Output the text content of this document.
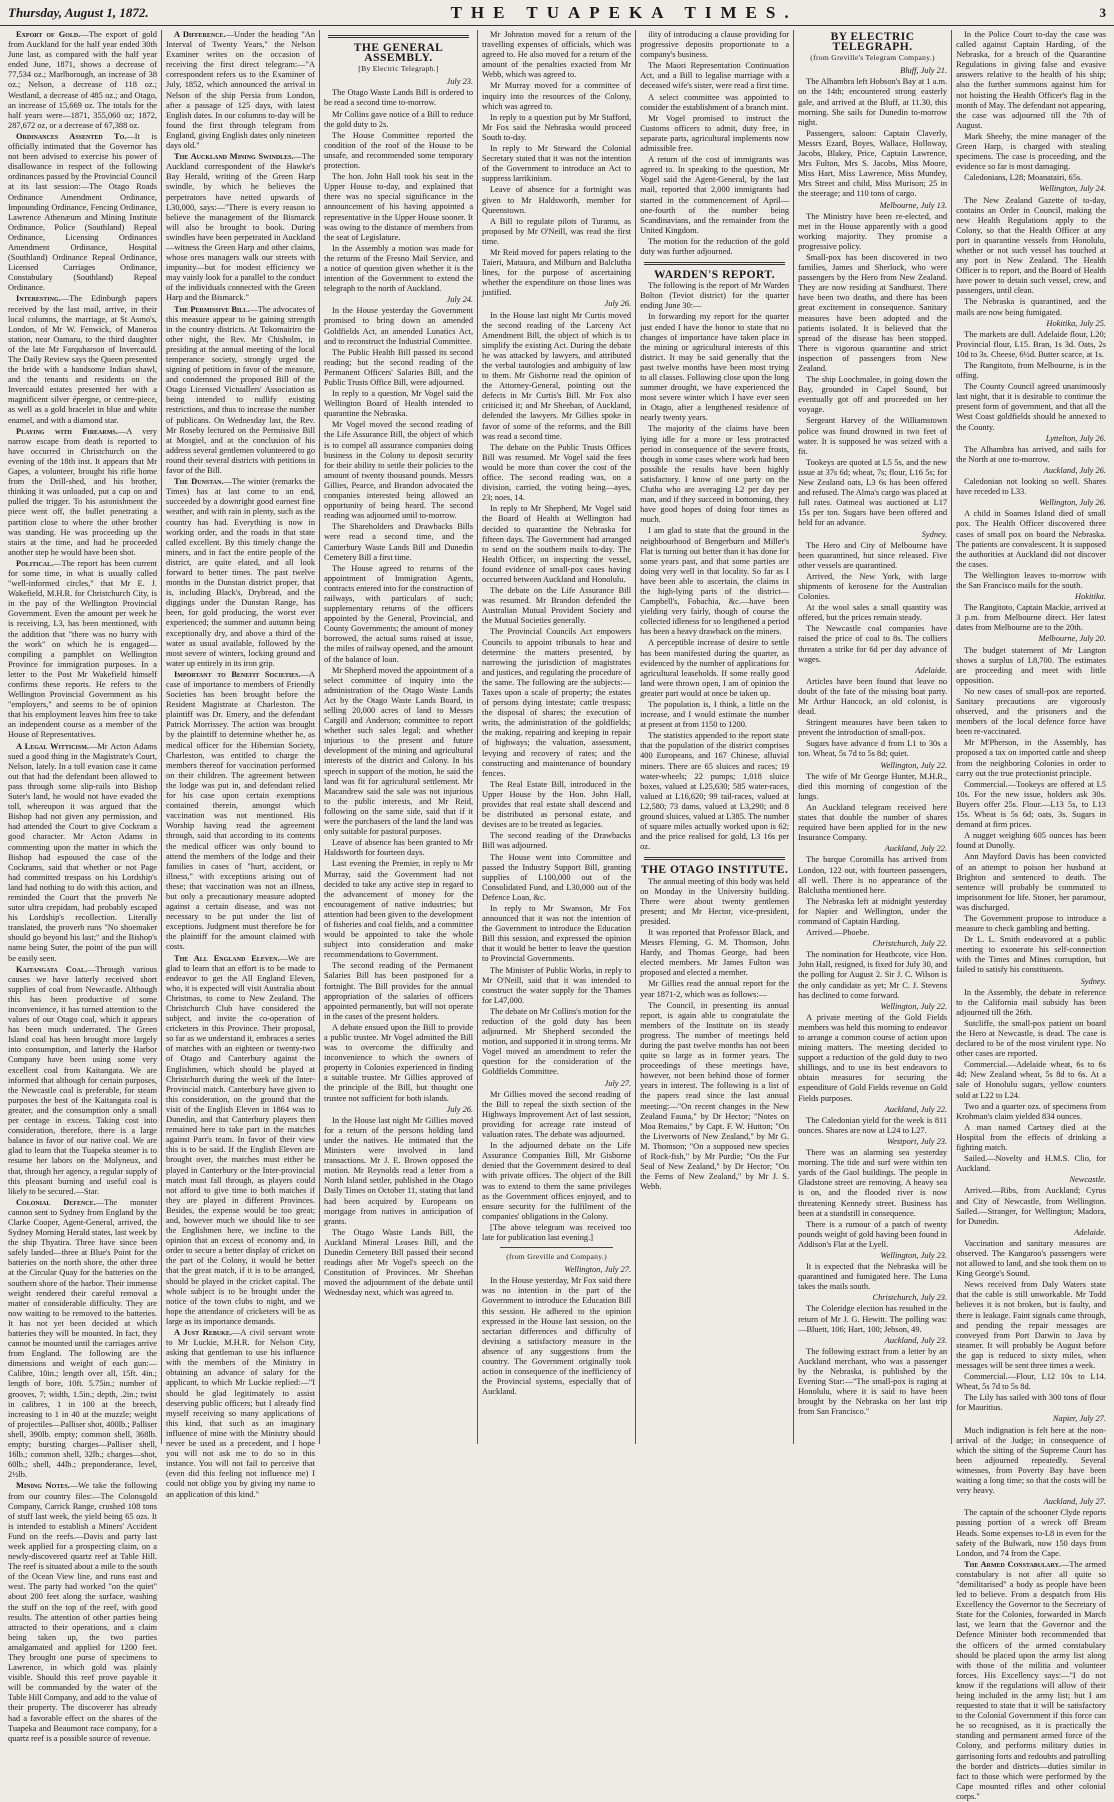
Thursday, August 1, 1872.	THE TUAPEKA TIMES.	3

Export of Gold.—The export of gold from Auckland for the half year ended 30th June last, as compared with the half year ended June, 1871, shows a decrease of 77,534 oz.; Marlborough, an increase of 38 oz.; Nelson, a decrease of 118 oz.; Westland, a decrease of 485 oz.; and Otago, an increase of 15,669 oz. The totals for the half years were—1871, 355,060 oz; 1872, 287,672 oz, or a decrease of 67,388 oz.

Ordinances Assented To.—It is officially intimated that the Governor has not been advised to exercise his power of disallowance in respect of the following ordinances passed by the Provincial Council at its last session:—The Otago Roads Ordinance Amendment Ordinance, Impounding Ordinance, Fencing Ordinance, Lawrence Athenæum and Mining Institute Ordinance, Police (Southland) Repeal Ordinance, Licensing Ordinances Amendment Ordinance, Hospital (Southland) Ordinance Repeal Ordinance, Licensed Carriages Ordinance, Constabulary (Southland) Repeal Ordinance.

Interesting.—The Edinburgh papers received by the last mail, arrive, in their local columns, the marriage, at St Asmo's, London, of Mr W. Fenwick, of Maneroa station, near Oamaru, to the third daughter of the late Mr Farquharson of Invercauld. The Daily Review says the Queen presented the bride with a handsome Indian shawl, and the tenants and residents on the Invercauld estates presented her with a magnificent silver épergne, or centre-piece, as well as a gold bracelet in blue and white enamel, and with a diamond star.

Playing with Firearms.—A very narrow escape from death is reported to have occurred in Christchurch on the evening of the 18th inst. It appears that Mr Gapes, a volunteer, brought his rifle home from the Drill-shed, and his brother, thinking it was unloaded, put a cap on and pulled the trigger. To his astonishment the piece went off, the bullet penetrating a partition close to where the other brother was standing. He was proceeding up the stairs at the time, and had he proceeded another step he would have been shot.

Political.—The report has been current for some time, in what is usually called "well-informed circles," that Mr E. J. Wakefield, M.H.R. for Christchurch City, is in the pay of the Wellington Provincial Government. Even the amount per week he is receiving, L3, has been mentioned, with the addition that "there was no hurry with the work" on which he is engaged—compiling a pamphlet on Wellington Province for immigration purposes. In a letter to the Post Mr Wakefield himself confirms these reports. He refers to the Wellington Provincial Government as his "employers," and seems to be of opinion that his employment leaves him free to take an independent course as a member of the House of Representatives.

A Legal Witticism.—Mr Acton Adams sued a good thing in the Magistrate's Court, Nelson, lately. In a toll evasion case it came out that had the defendant been allowed to pass through some slip-rails into Bishop Suter's land, he would not have evaded the toll, whereupon it was argued that the Bishop had not given any permission, and had attended the Court to give Cockram a good character. Mr Acton Adams in commenting upon the matter in which the Bishop had espoused the case of the Cockrams, said that whether or not Page had committed trespass on his Lordship's land had nothing to do with this action, and reminded the Court that the proverb Ne sutor ultra crepidam, had probably escaped his Lordship's recollection. Literally translated, the proverb runs "No shoemaker should go beyond his last;" and the Bishop's name being Suter, the point of the pun will be easily seen.

Kaitangata Coal.—Through various causes we have latterly received short supplies of coal from Newcastle. Although this has been productive of some inconvenience, it has turned attention to the values of our Otago coal, which it appears has been much underrated. The Green Island coal has been brought more largely into consumption, and latterly the Harbor Company have been using some very excellent coal from Kaitangata. We are informed that although for certain purposes, the Newcastle coal is preferable, for steam purposes the best of the Kaitangata coal is greater, and the consumption only a small per centage in excess. Taking cost into consideration, therefore, there is a large balance in favor of our native coal. We are glad to learn that the Tuapeka steamer is to resume her labors on the Molyneux, and that, through her agency, a regular supply of this pleasant burning and useful coal is likely to be secured.—Star.

Colonial Defence.—The monster cannon sent to Sydney from England by the Clarke Cooper, Agent-General, arrived, the Sydney Morning Herald states, last week by the ship Thyatira. Three have since been safely landed—three at Blue's Point for the batteries on the north shore, the other three at the Circular Quay for the batteries on the southern shore of the harbor. Their immense weight rendered their careful removal a matter of considerable difficulty. They are now waiting to be removed to the batteries. It has not yet been decided at which batteries they will be mounted. In fact, they cannot be mounted until the carriages arrive from England. The following are the dimensions and weight of each gun:—Calibre, 10in.; length over all, 15ft. 4in.; length of bore, 10ft. 5.75in.; number of grooves, 7; width, 1.5in.; depth, .2in.; twist in calibres, 1 in 100 at the breech, increasing to 1 in 40 at the muzzle; weight of projectiles—Palliser shot, 400lb.; Palliser shell, 390lb. empty; common shell, 368lb. empty; bursting charges—Palliser shell, 16lb.; common shell, 32lb.; charges—shot, 60lb.; shell, 44lb.; preponderance, level, 2½lb.

Mining Notes.—We take the following from our country files:—The Colonsgold Company, Carrick Range, crushed 108 tons of stuff last week, the yield being 65 ozs. It is intended to establish a Miners' Accident Fund on the reefs.—Davis and party last week applied for a prospecting claim, on a newly-discovered quartz reef at Table Hill. The reef is situated about a mile to the south of the Ocean View line, and runs east and west. The party had worked "on the quiet" about 200 feet along the surface, washing the stuff on the top of the reef, with good results. The attention of other parties being attracted to their operations, and a claim being taken up, the two parties amalgamated and applied for 1200 feet. They brought one purse of specimens to Lawrence, in which gold was plainly visible. Should this reef prove payable it will be commanded by the water of the Table Hill Company, and add to the value of their property. The discoverer has already had a favorable effect on the shares of the Tuapeka and Beaumont race company, for a quartz reef is a possible source of revenue.

A Difference.—Under the heading "An Interval of Twenty Years," the Nelson Examiner writes on the occasion of receiving the first direct telegram:—"A correspondent refers us to the Examiner of July, 1852, which announced the arrival in Nelson of the ship Persia from London, after a passage of 125 days, with latest English dates. In our columns to-day will be found the first through telegram from England, giving English dates only nineteen days old."

The Auckland Mining Swindles.—The Auckland correspondent of the Hawke's Bay Herald, writing of the Green Harp swindle, by which he believes the perpetrators have netted upwards of L30,000, says:—"There is every reason to believe the management of the Bismarck will also be brought to book. During swindles have been perpetrated in Auckland—witness the Green Harp and other claims, whose ores managers walk our streets with impunity—but for modest efficiency we may vainly look for a parallel to the conduct of the individuals connected with the Green Harp and the Bismarck."

The Permissive Bill.—The advocates of this measure appear to be gaining strength in the country districts. At Tokomairiro the other night, the Rev. Mr Chisholm, in presiding at the annual meeting of the local temperance society, strongly urged the signing of petitions in favor of the measure, and condemned the proposed Bill of the Otago Licensed Victuallers' Association as being intended to nullify existing restrictions, and thus to increase the number of publicans. On Wednesday last, the Rev. Mr Roseby lectured on the Permissive Bill at Mosgiel, and at the conclusion of his address several gentlemen volunteered to go round their several districts with petitions in favor of the Bill.

The Dunstan.—The winter (remarks the Times) has at last come to an end, succeeded by a downright good earnest fine weather, and with rain in plenty, such as the country has had. Everything is now in working order, and the roads in that state called excellent. By this timely change the miners, and in fact the entire people of the district, are quite elated, and all look forward to better times. The past twelve months in the Dunstan district proper, that is, including Black's, Drybread, and the diggings under the Dunstan Range, has been, for gold producing, the worst ever experienced; the summer and autumn being exceptionally dry, and above a third of the water as usual available, followed by the most severe of winters, locking ground and water up entirely in its iron grip.

Important to Benefit Societies.—A case of importance to members of Friendly Societies has been brought before the Resident Magistrate at Charleston. The plaintiff was Dr. Emery, and the defendant Patrick Morrissey. The action was brought by the plaintiff to determine whether he, as medical officer for the Hibernian Society, Charleston, was entitled to charge the members thereof for vaccination performed on their children. The agreement between the lodge was put in, and defendant relied for his case upon certain exemptions contained therein, amongst which vaccination was not mentioned. His Worship having read the agreement through, said that according to its contents the medical officer was only bound to attend the members of the lodge and their families in cases of "hurt, accident, or illness," with exceptions arising out of these; that vaccination was not an illness, but only a precautionary measure adopted against a certain disease, and was not necessary to be put under the list of exceptions. Judgment must therefore be for the plaintiff for the amount claimed with costs.

The All England Eleven.—We are glad to learn that an effort is to be made to endeavor to get the All England Eleven, who, it is expected will visit Australia about Christmas, to come to New Zealand. The Christchurch Club have considered the subject, and invite the co-operation of cricketers in this Province. Their proposal, so far as we understand it, embraces a series of matches with an eighteen or twenty-two of Otago and Canterbury against the Englishmen, which should be played at Christchurch during the week of the Inter-Provincial match. Canterbury have given to this consideration, on the ground that the visit of the English Eleven in 1864 was to Dunedin, and that Canterbury players then remained here to take part in the matches against Parr's team. In favor of their view this is to be said. If the English Eleven are brought over, the matches must either be played in Canterbury or the Inter-provincial match must fall through, as players could not afford to give time to both matches if they are played in different Provinces. Besides, the expense would be too great; and, however much we should like to see the Englishmen here, we incline to the opinion that an excess of economy and, in order to secure a better display of cricket on the part of the Colony, it would be better that the great match, if it is to be arranged, should be played in the cricket capital. The whole subject is to be brought under the notice of the town clubs to night, and we hope the attendance of cricketers will be as large as its importance demands.

A Just Rebuke.—A civil servant wrote to Mr Luckie, M.H.R. for Nelson City, asking that gentleman to use his influence with the members of the Ministry in obtaining an advance of salary for the applicant, to which Mr Luckie replied:—"I should be glad legitimately to assist deserving public officers; but I already find myself receiving so many applications of this kind, that such as an imaginary influence of mine with the Ministry should never be used as a precedent, and I hope you will not ask me to do so in this instance. You will not fail to perceive that (even did this feeling not influence me) I could not oblige you by giving my name to an application of this kind."

THE GENERAL ASSEMBLY.
[By Electric Telegraph.]
July 23.

The Otago Waste Lands Bill is ordered to be read a second time to-morrow.

Mr Collins gave notice of a Bill to reduce the gold duty to 2s.

The House Committee reported the condition of the roof of the House to be unsafe, and recommended some temporary protection.

The hon. John Hall took his seat in the Upper House to-day, and explained that there was no special significance in the announcement of his having appointed a representative in the Upper House sooner. It was owing to the distance of members from the seat of Legislature.

In the Assembly a motion was made for the returns of the Fresno Mail Service, and a notice of question given whether it is the intention of the Government to extend the telegraph to the north of Auckland.

July 24.

In the House yesterday the Government promised to bring down an amended Goldfields Act, an amended Lunatics Act, and to reconstruct the Industrial Committee.

The Public Health Bill passed its second reading; but the second reading of the Permanent Officers' Salaries Bill, and the Public Trusts Office Bill, were adjourned.

In reply to a question, Mr Vogel said the Wellington Board of Health intended to quarantine the Nebraska.

Mr Vogel moved the second reading of the Life Assurance Bill, the object of which is to compel all assurance companies doing business in the Colony to deposit security for their ability to settle their policies to the amount of twenty thousand pounds. Messrs Gillies, Pearce, and Brandon advocated the companies interested being allowed an opportunity of being heard. The second reading was adjourned until to-morrow.

The Shareholders and Drawbacks Bills were read a second time, and the Canterbury Waste Lands Bill and Dunedin Cemetery Bill a first time.

The House agreed to returns of the appointment of Immigration Agents, contracts entered into for the construction of railways, with particulars of such; supplementary returns of the officers appointed by the General, Provincial, and County Governments; the amount of money borrowed, the actual sums raised at issue, the miles of railway opened, and the amount of the balance of loan.

Mr Shepherd moved the appointment of a select committee of inquiry into the administration of the Otago Waste Lands Act by the Otago Waste Lands Board, in selling 20,000 acres of land to Messrs Cargill and Anderson; committee to report whether such sales legal; and whether injurious to the present and future development of the mining and agricultural interests of the district and Colony. In his speech in support of the motion, he said the land was fit for agricultural settlement. Mr Macandrew said the sale was not injurious to the public interests, and Mr Reid, following on the same side, said that if it were the purchasers of the land the land was only suitable for pastoral purposes.

Leave of absence has been granted to Mr Haldsworth for fourteen days.

Last evening the Premier, in reply to Mr Murray, said the Government had not decided to take any active step in regard to the advancement of money for the encouragement of native industries; but attention had been given to the development of fisheries and coal fields, and a committee would be appointed to take the whole subject into consideration and make recommendations to Government.

The second reading of the Permanent Salaries Bill has been postponed for a fortnight. The Bill provides for the annual appropriation of the salaries of officers appointed permanently, but will not operate in the cases of the present holders.

A debate ensued upon the Bill to provide a public trustee. Mr Vogel admitted the Bill was to overcome the difficulty and inconvenience to which the owners of property in Colonies experienced in finding a suitable trustee. Mr Gillies approved of the principle of the Bill, but thought one trustee not sufficient for both islands.

July 26.

In the House last night Mr Gillies moved for a return of the persons holding land under the natives. He intimated that the Ministers were involved in land transactions. Mr J. E. Brown opposed the motion. Mr Reynolds read a letter from a North Island settler, published in the Otago Daily Times on October 11, stating that land had been acquired by Europeans on mortgage from natives in anticipation of grants.

The Otago Waste Lands Bill, the Auckland Mineral Leases Bill, and the Dunedin Cemetery Bill passed their second readings after Mr Vogel's speech on the Constitution of Provinces. Mr Sheehan moved the adjournment of the debate until Wednesday next, which was agreed to.

Mr Johnston moved for a return of the travelling expenses of officials, which was agreed to. He also moved for a return of the amount of the penalties exacted from Mr Webb, which was agreed to.

Mr Murray moved for a committee of inquiry into the resources of the Colony, which was agreed to.

In reply to a question put by Mr Stafford, Mr Fox said the Nebraska would proceed South to-day.

In reply to Mr Steward the Colonial Secretary stated that it was not the intention of the Government to introduce an Act to suppress larrikinism.

Leave of absence for a fortnight was given to Mr Haldsworth, member for Queenstown.

A Bill to regulate pilots of Turamu, as proposed by Mr O'Neill, was read the first time.

Mr Reid moved for papers relating to the Taieri, Mataura, and Milburn and Balclutha lines, for the purpose of ascertaining whether the expenditure on those lines was justified.

July 26.

In the House last night Mr Curtis moved the second reading of the Larceny Act Amendment Bill, the object of which is to simplify the existing Act. During the debate he was attacked by lawyers, and attributed the verbal tautologies and ambiguity of law to them. Mr Gisborne read the opinion of the Attorney-General, pointing out the defects in Mr Curtis's Bill. Mr Fox also criticised it; and Mr Sheehan, of Auckland, defended the lawyers. Mr Gillies spoke in favor of some of the reforms, and the Bill was read a second time.

The debate on the Public Trusts Offices Bill was resumed. Mr Vogel said the fees would be more than cover the cost of the office. The second reading was, on a division, carried, the voting being—ayes, 23; noes, 14.

In reply to Mr Shepherd, Mr Vogel said the Board of Health at Wellington had decided to quarantine the Nebraska for fifteen days. The Government had arranged to send on the southern mails to-day. The Health Officer, on inspecting the vessel, found evidence of small-pox cases having occurred between Auckland and Honolulu.

The debate on the Life Assurance Bill was resumed. Mr Brandon defended the Australian Mutual Provident Society and the Mutual Societies generally.

The Provincial Councils Act empowers Councils to appoint tribunals to hear and determine the matters presented, by narrowing the jurisdiction of magistrates and justices, and regulating the procedure of the same. The following are the subjects:—Taxes upon a scale of property; the estates of persons dying intestate; cattle trespass; the disposal of shares; the execution of writs, the administration of the goldfields; the making, repairing and keeping in repair of highways; the valuation, assessment, levying and recovery of rates; and the constructing and maintenance of boundary fences.

The Real Estate Bill, introduced in the Upper House by the Hon. John Hall, provides that real estate shall descend and be distributed as personal estate, and devises are to be treated as legacies.

The second reading of the Drawbacks Bill was adjourned.

The House went into Committee and passed the Industry Support Bill, granting supplies of L100,000 out of the Consolidated Fund, and L30,000 out of the Defence Loan, &c.

In reply to Mr Swanson, Mr Fox announced that it was not the intention of the Government to introduce the Education Bill this session, and expressed the opinion that it would be better to leave the question to Provincial Governments.

The Minister of Public Works, in reply to Mr O'Neill, said that it was intended to construct the water supply for the Thames for L47,000.

The debate on Mr Collins's motion for the reduction of the gold duty has been adjourned. Mr Shepherd seconded the motion, and supported it in strong terms. Mr Vogel moved an amendment to refer the question for the consideration of the Goldfields Committee.

July 27.

Mr Gillies moved the second reading of the Bill to repeal the sixth section of the Highways Improvement Act of last session, providing for acreage rate instead of valuation rates. The debate was adjourned.

In the adjourned debate on the Life Assurance Companies Bill, Mr Gisborne denied that the Government desired to deal with private offices. The object of the Bill was to extend to them the same privileges as the Government offices enjoyed, and to ensure security for the fulfilment of the companies' obligations in the Colony.

[The above telegram was received too late for publication last evening.]

(from Greville and Company.)
Wellington, July 27.

In the House yesterday, Mr Fox said there was no intention in the part of the Government to introduce the Education Bill this session. He adhered to the opinion expressed in the House last session, on the sectarian differences and difficulty of devising a satisfactory measure in the absence of any suggestions from the country. The Government originally took action in consequence of the inefficiency of the Provincial systems, especially that of Auckland.

ility of introducing a clause providing for progressive deposits proportionate to a company's business.

The Maori Representation Continuation Act, and a Bill to legalise marriage with a deceased wife's sister, were read a first time.

A select committee was appointed to consider the establishment of a branch mint.

Mr Vogel promised to instruct the Customs officers to admit, duty free, in separate parts, agricultural implements now admissible free.

A return of the cost of immigrants was agreed to. In speaking to the question, Mr Vogel said the Agent-General, by the last mail, reported that 2,000 immigrants had started in the commencement of April—one-fourth of the number being Scandinavians, and the remainder from the United Kingdom.

The motion for the reduction of the gold duty was further adjourned.

WARDEN'S REPORT.

The following is the report of Mr Warden Bolton (Teviot district) for the quarter ending June 30:—

In forwarding my report for the quarter just ended I have the honor to state that no changes of importance have taken place in the mining or agricultural interests of this district. It may be said generally that the past twelve months have been most trying to all classes. Following close upon the long summer drought, we have experienced the most severe winter which I have ever seen in Otago, after a lengthened residence of nearly twenty years.

The majority of the claims have been lying idle for a more or less protracted period in consequence of the severe frosts, though in some cases where work had been possible the results have been highly satisfactory. I know of one party on the Clutha who are averaging L2 per day per man, and if they succeed in bottoming, they have good hopes of doing four times as much.

I am glad to state that the ground in the neighbourhood of Bengerburn and Miller's Flat is turning out better than it has done for some years past, and that some parties are doing very well in that locality. So far as I have been able to ascertain, the claims in the high-lying parts of the district—Campbell's, Fobachia, &c.—have been yielding very fairly, though of course the collected idleness for so lengthened a period has been a heavy drawback on the miners.

A perceptible increase of desire to settle has been manifested during the quarter, as evidenced by the number of applications for agricultural leaseholds. If some really good land were thrown open, I am of opinion the greater part would at once be taken up.

The population is, I think, a little on the increase, and I would estimate the number at present at from 1150 to 1200.

The statistics appended to the report state that the population of the district comprises 400 Europeans, and 167 Chinese, alluvial miners. There are 65 sluices and races; 19 water-wheels; 22 pumps; 1,018 sluice boxes, valued at L25,630; 585 water-races, valued at L16,620; 99 tail-races, valued at L2,580; 73 dams, valued at L3,290; and 8 ground sluices, valued at L385. The number of square miles actually worked upon is 62; and the price realised for gold, L3 16s per oz.

THE OTAGO INSTITUTE.

The annual meeting of this body was held on Monday in the University building. There were about twenty gentlemen present; and Mr Hector, vice-president, presided.

It was reported that Professor Black, and Messrs Fleming, G. M. Thomson, John Hardy, and Thomas George, had been elected members. Mr James Fulton was proposed and elected a member.

Mr Gillies read the annual report for the year 1871-2, which was as follows:—

The Council, in presenting its annual report, is again able to congratulate the members of the Institute on its steady progress. The number of meetings held during the past twelve months has not been quite so large as in former years. The proceedings of these meetings have, however, not been behind those of former years in interest. The following is a list of the papers read since the last annual meeting:—"On recent changes in the New Zealand Fauna," by Dr Hector; "Notes on Moa Remains," by Capt. F. W. Hutton; "On the Liverworts of New Zealand," by Mr G. M. Thomson; "On a supposed new species of Rock-fish," by Mr Purdie; "On the Fur Seal of New Zealand," by Dr Hector; "On the Ferns of New Zealand," by Mr J. S. Webb.

BY ELECTRIC TELEGRAPH.
(from Greville's Telegram Company.)
Bluff, July 21.

The Alhambra left Hobson's Bay at 1 a.m. on the 14th; encountered strong easterly gale, and arrived at the Bluff, at 11.30, this morning. She sails for Dunedin to-morrow night.

Passengers, saloon: Captain Claverly, Messrs Ezard, Boyes, Wallace, Holloway, Jacobs, Blakey, Price, Captain Lawrence, Mrs Fulton, Mrs S. Jacobs, Miss Moore, Miss Hart, Miss Lawrence, Miss Mundey, Mrs Street and child, Miss Murison; 25 in the steerage; and 110 tons of cargo.

Melbourne, July 13.

The Ministry have been re-elected, and met in the House apparently with a good working majority. They promise a progressive policy.

Small-pox has been discovered in two families, James and Sherlock, who were passengers by the Hero from New Zealand. They are now residing at Sandhurst. There have been two deaths, and there has been great excitement in consequence. Sanitary measures have been adopted and the patients isolated. It is believed that the spread of the disease has been stopped. There is vigorous quarantine and strict inspection of passengers from New Zealand.

The ship Loochmalee, in going down the Bay, grounded in Capel Sound, but eventually got off and proceeded on her voyage.

Sergeant Harvey of the Williamstown police was found drowned in two feet of water. It is supposed he was seized with a fit.

Tookeys are quoted at L5 5s, and the new issue at 37s 6d; wheat, 7s; flour, L16 5s; for New Zealand oats, L3 6s has been offered and refused. The Alma's cargo was placed at full rates. Oatmeal was auctioned at L17 15s per ton. Sugars have been offered and held for an advance.

Sydney.

The Hero and City of Melbourne have been quarantined, but since released. Five other vessels are quarantined.

Arrived, the New York, with large shipments of kerosene for the Australian Colonies.

At the wool sales a small quantity was offered, but the prices remain steady.

The Newcastle coal companies have raised the price of coal to 8s. The colliers threaten a strike for 6d per day advance of wages.

Adelaide.

Articles have been found that leave no doubt of the fate of the missing boat party. Mr Arthur Hancock, an old colonist, is dead.

Stringent measures have been taken to prevent the introduction of small-pox.

Sugars have advance d from L1 to 30s a ton. Wheat, 5s 7d to 5s 8d; quiet.

Wellington, July 22.

The wife of Mr George Hunter, M.H.R., died this morning of congestion of the lungs.

An Auckland telegram received here states that double the number of shares required have been applied for in the new Insurance Company.

Auckland, July 22.

The barque Coromilla has arrived from London, 122 out, with fourteen passengers, all well. There is no appearance of the Balclutha mentioned here.

The Nebraska left at midnight yesterday for Napier and Wellington, under the command of Captain Harding.

Arrived.—Phoebe.

Christchurch, July 22.

The nomination for Heathcote, vice Hon. John Hall, resigned, is fixed for July 30, and the polling for August 2. Sir J. C. Wilson is the only candidate as yet; Mr C. J. Stevens has declined to come forward.

Wellington, July 22.

A private meeting of the Gold Fields members was held this morning to endeavor to arrange a common course of action upon mining matters. The meeting decided to support a reduction of the gold duty to two shillings, and to use its best endeavors to obtain measures for securing the expenditure of Gold Fields revenue on Gold Fields purposes.

Auckland, July 22.

The Caledonian yield for the week is 811 ounces. Shares are now at L24 to L27.

Westport, July 23.

There was an alarming sea yesterday morning. The tide and surf were within ten yards of the Gaol buildings. The people in Gladstone street are removing. A heavy sea is on, and the flooded river is now threatening Kennedy street. Business has been at a standstill in consequence.

There is a rumour of a patch of twenty pounds weight of gold having been found in Addison's Flat at the Lyell.

Wellington, July 23.

It is expected that the Nebraska will be quarantined and fumigated here. The Luna takes the mails south.

Christchurch, July 23.

The Coleridge election has resulted in the return of Mr J. G. Hewitt. The polling was:—Bluett, 106; Hart, 100; Jebson, 49.

Auckland, July 23.

The following extract from a letter by an Auckland merchant, who was a passenger by the Nebraska, is published by the Evening Star:—"The small-pox is raging at Honolulu, where it is said to have been brought by the Nebraska on her last trip from San Francisco."

In the Police Court to-day the case was called against Captain Harding, of the Nebraska, for a breach of the Quarantine Regulations in giving false and evasive answers relative to the health of his ship; also the further summons against him for not hoisting the Health Officer's flag in the month of May. The defendant not appearing, the case was adjourned till the 7th of August.

Mark Sheehy, the mine manager of the Green Harp, is charged with stealing specimens. The case is proceeding, and the evidence so far is most damaging.

Caledonians, L28; Moanatairi, 65s.

Wellington, July 24.

The New Zealand Gazette of to-day, contains an Order in Council, making the new Health Regulations apply to the Colony, so that the Health Officer at any port in quarantine vessels from Honolulu, whether or not such vessel has touched at any port in New Zealand. The Health Officer is to report, and the Board of Health have power to detain such vessel, crew, and passengers, until clean.

The Nebraska is quarantined, and the mails are now being fumigated.

Hokitika, July 25.

The markets are dull. Adelaide flour, L20; Provincial flour, L15. Bran, 1s 3d. Oats, 2s 10d to 3s. Cheese, 6½d. Butter scarce, at 1s.

The Rangitoto, from Melbourne, is in the offing.

The County Council agreed unanimously last night, that it is desirable to continue the present form of government, and that all the West Coast goldfields should be annexed to the County.

Lyttelton, July 26.

The Alhambra has arrived, and sails for the North at one to-morrow.

Auckland, July 26.

Caledonian not looking so well. Shares have receded to L33.

Wellington, July 26.

A child in Soames Island died of small pox. The Health Officer discovered three cases of small pox on board the Nebraska. The patients are convalescent. It is supposed the authorities at Auckland did not discover the cases.

The Wellington leaves to-morrow with the San Francisco mails for the south.

Hokitika.

The Rangitoto, Captain Mackie, arrived at 3 p.m. from Melbourne direct. Her latest dates from Melbourne are to the 20th.

Melbourne, July 20.

The budget statement of Mr Langton shows a surplus of L8,700. The estimates are proceeding and meet with little opposition.

No new cases of small-pox are reported. Sanitary precautions are vigorously observed, and the prisoners and the members of the local defence force have been re-vaccinated.

Mr M'Pherson, in the Assembly, has proposed a tax on imported cattle and sheep from the neighboring Colonies in order to carry out the true protectionist principle.

Commercial.—Tookeys are offered at L5 10s. For the new issue, holders ask 30s. Buyers offer 25s. Flour.—L13 5s, to L13 15s. Wheat is 5s 6d; oats, 3s. Sugars in demand at firm prices.

A nugget weighing 605 ounces has been found at Dunolly.

Ann Mayford Davis has been convicted of an attempt to poison her husband at Brighton and sentenced to death. The sentence will probably be commuted to imprisonment for life. Stoner, her paramour, was discharged.

The Government propose to introduce a measure to check gambling and betting.

Dr L. L. Smith endeavored at a public meeting to exonerate his self-connection with the Times and Mines corruption, but failed to satisfy his constituents.

Sydney.

In the Assembly, the debate in reference to the California mail subsidy has been adjourned till the 26th.

Sutcliffe, the small-pox patient on board the Hero at Newcastle, is dead. The case is declared to be of the most virulent type. No other cases are reported.

Commercial.—Adelaide wheat, 6s to 6s 4d; New Zealand wheat, 5s 8d to 6s. At a sale of Honolulu sugars, yellow counters sold at L22 to L24.

Two and a quarter ozs. of specimens from Krohman's claim yielded 834 ounces.

A man named Cartney died at the Hospital from the effects of drinking a fighting match.

Sailed.—Novelty and H.M.S. Clio, for Auckland.

Newcastle.

Arrived.—Ribs, from Auckland; Cyrus and City of Newcastle, from Wellington. Sailed.—Stranger, for Wellington; Madora, for Dunedin.

Adelaide.

Vaccination and sanitary measures are observed. The Kangaroo's passengers were not allowed to land, and she took them on to King George's Sound.

News received from Daly Waters state that the cable is still unworkable. Mr Todd believes it is not broken, but is faulty, and there is leakage. Faint signals came through, and pending the repair messages are conveyed from Port Darwin to Java by steamer. It will probably be August before the gap is reduced to sixty miles, when messages will be sent three times a week.

Commercial.—Flour, L12 10s to L14. Wheat, 5s 7d to 5s 8d.

The Lily has sailed with 300 tons of flour for Mauritius.

Napier, July 27.

Much indignation is felt here at the non-arrival of the Judge; in consequence of which the sitting of the Supreme Court has been adjourned repeatedly. Several witnesses, from Poverty Bay have been waiting a long time; so that the costs will be very heavy.

Auckland, July 27.

The captain of the schooner Clyde reports passing portion of a wreck off Bream Heads. Some expenses to-L8 in even for the safety of the Bulwark, now 150 days from London, and 74 from the Cape.

The Armed Constabulary.—The armed constabulary is not after all quite so "demilitarised" a body as people have been led to believe. From a despatch from His Excellency the Governor to the Secretary of State for the Colonies, forwarded in March last, we learn that the Governor and the Defence Minister both recommended that the officers of the armed constabulary should be placed upon the army list along with those of the militia and volunteer forces. His Excellency says:—"I do not know if the regulations will allow of their being included in the army list; but I am requested to state that it will be satisfactory to the Colonial Government if this force can be so recognised, as it is practically the standing and permanent armed force of the Colony, and performs military duties in garrisoning forts and redoubts and patrolling the border and districts—duties similar in fact to those which were performed by the Cape mounted rifles and other colonial corps."
